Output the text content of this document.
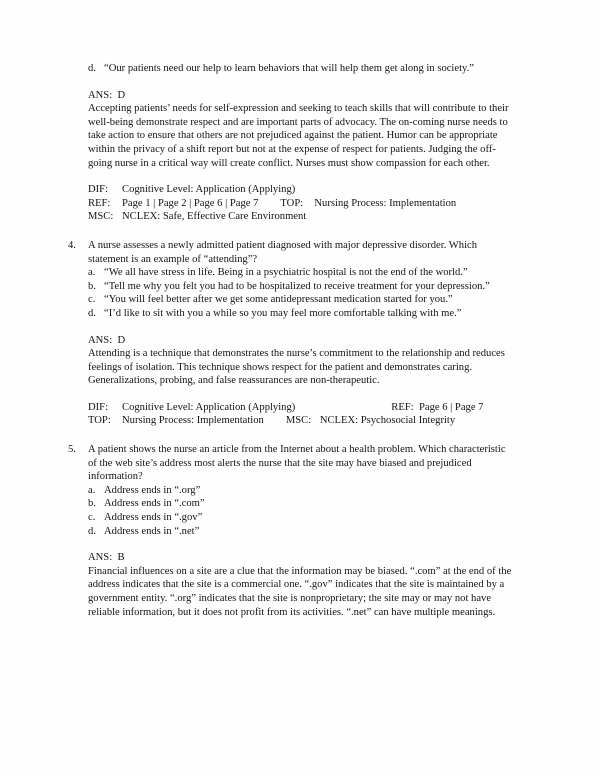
d. “Our patients need our help to learn behaviors that will help them get along in society.”
ANS: D
Accepting patients’ needs for self-expression and seeking to teach skills that will contribute to their well-being demonstrate respect and are important parts of advocacy. The on-coming nurse needs to take action to ensure that others are not prejudiced against the patient. Humor can be appropriate within the privacy of a shift report but not at the expense of respect for patients. Judging the off-going nurse in a critical way will create conflict. Nurses must show compassion for each other.
DIF: Cognitive Level: Application (Applying)
REF: Page 1 | Page 2 | Page 6 | Page 7 TOP: Nursing Process: Implementation
MSC: NCLEX: Safe, Effective Care Environment
4.	A nurse assesses a newly admitted patient diagnosed with major depressive disorder. Which statement is an example of “attending”?
a. “We all have stress in life. Being in a psychiatric hospital is not the end of the world.”
b. “Tell me why you felt you had to be hospitalized to receive treatment for your depression.”
c. “You will feel better after we get some antidepressant medication started for you.”
d. “I’d like to sit with you a while so you may feel more comfortable talking with me.”
ANS: D
Attending is a technique that demonstrates the nurse’s commitment to the relationship and reduces feelings of isolation. This technique shows respect for the patient and demonstrates caring. Generalizations, probing, and false reassurances are non-therapeutic.
DIF: Cognitive Level: Application (Applying)	REF: Page 6 | Page 7
TOP: Nursing Process: Implementation MSC: NCLEX: Psychosocial Integrity
5.	A patient shows the nurse an article from the Internet about a health problem. Which characteristic of the web site’s address most alerts the nurse that the site may have biased and prejudiced information?
a. Address ends in “.org”
b. Address ends in “.com”
c. Address ends in “.gov”
d. Address ends in “.net”
ANS: B
Financial influences on a site are a clue that the information may be biased. “.com” at the end of the address indicates that the site is a commercial one. “.gov” indicates that the site is maintained by a government entity. “.org” indicates that the site is nonproprietary; the site may or may not have reliable information, but it does not profit from its activities. “.net” can have multiple meanings.
